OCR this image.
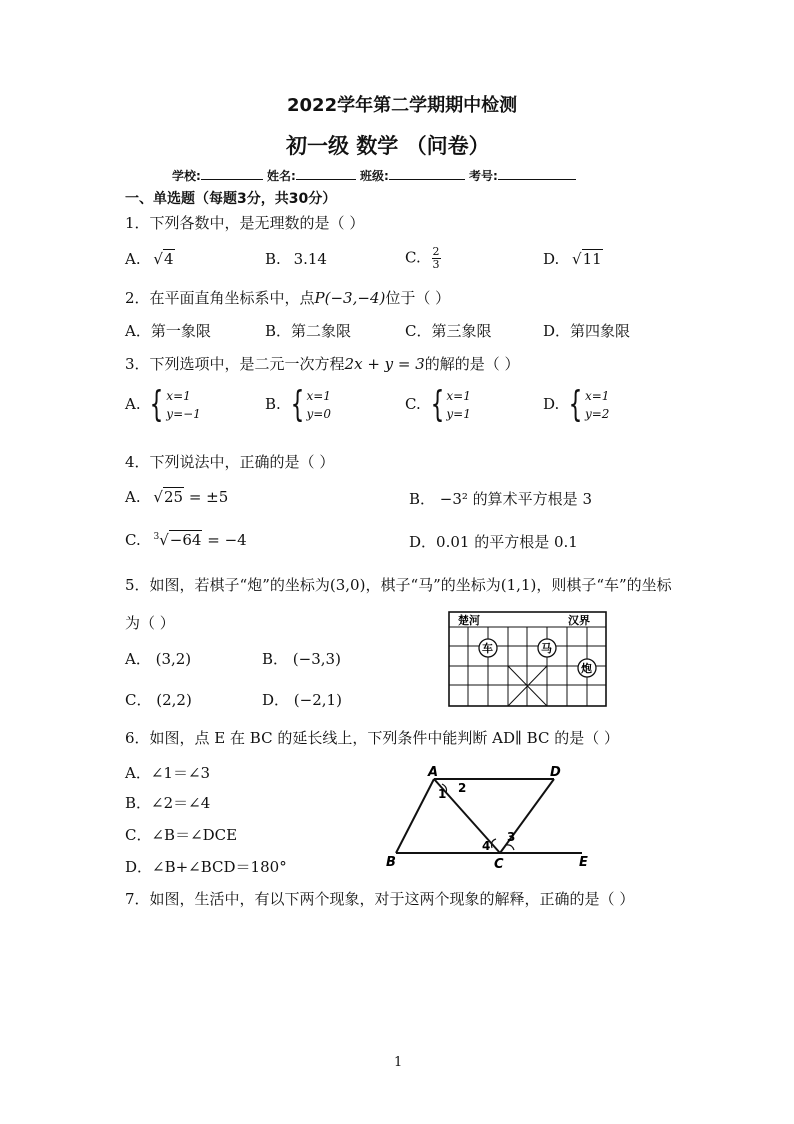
2022学年第二学期期中检测
初一级 数学 （问卷）
学校:	姓名:	班级:	考号:
一、单选题（每题3分，共30分）
1．下列各数中，是无理数的是（ ）
A. √4	B. 3.14	C. $\frac{2}{3}$	D. √11
2．在平面直角坐标系中，点P(−3,−4)位于（ ）
A．第一象限	B．第二象限	C．第三象限	D．第四象限
3．下列选项中，是二元一次方程2x + y = 3的解的是（ ）
A. { x=1
y=−1
B. { x=1
y=0
C. { x=1
y=1
D. { x=1
y=2
4．下列说法中，正确的是（ ）
A. √25 = ±5	B． −3² 的算术平方根是 3
C. $^3$√−64 = −4	D．0.01 的平方根是 0.1
5．如图，若棋子“炮”的坐标为(3,0)，棋子“马”的坐标为(1,1)，则棋子“车”的坐标
为（ ）
A． (3,2)	B． (−3,3)
C． (2,2)	D． (−2,1)
楚河	汉界
车	马
炮
6．如图，点 E 在 BC 的延长线上，下列条件中能判断 AD∥ BC 的是（ ）
A．∠1＝∠3
B．∠2＝∠4
C．∠B＝∠DCE
D．∠B+∠BCD＝180°
A	D
B	C	E
1 2
3
4
7．如图，生活中，有以下两个现象，对于这两个现象的解释，正确的是（ ）
1
